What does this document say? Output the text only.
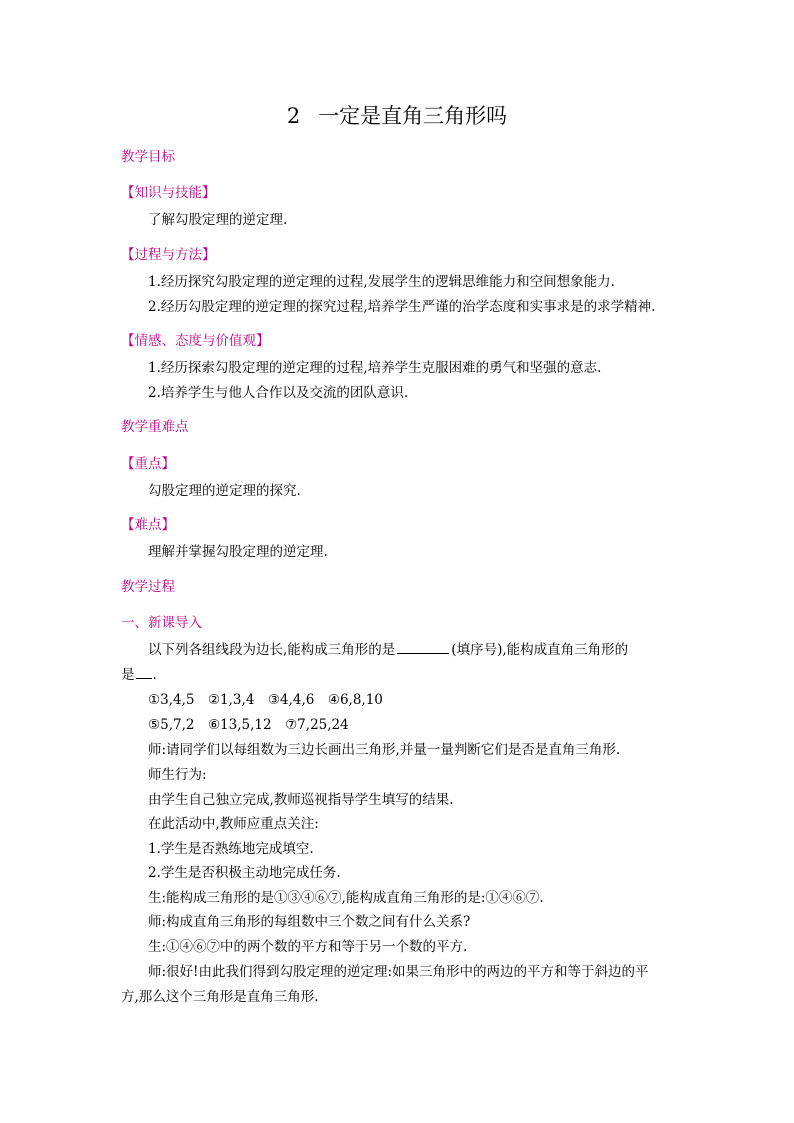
2 一定是直角三角形吗
教学目标
【知识与技能】
了解勾股定理的逆定理.
【过程与方法】
1.经历探究勾股定理的逆定理的过程,发展学生的逻辑思维能力和空间想象能力.
2.经历勾股定理的逆定理的探究过程,培养学生严谨的治学态度和实事求是的求学精神.
【情感、态度与价值观】
1.经历探索勾股定理的逆定理的过程,培养学生克服困难的勇气和坚强的意志.
2.培养学生与他人合作以及交流的团队意识.
教学重难点
【重点】
勾股定理的逆定理的探究.
【难点】
理解并掌握勾股定理的逆定理.
教学过程
一、新课导入
以下列各组线段为边长,能构成三角形的是	(填序号),能构成直角三角形的
是 .
①3,4,5　②1,3,4　③4,4,6　④6,8,10
⑤5,7,2　⑥13,5,12　⑦7,25,24
师:请同学们以每组数为三边长画出三角形,并量一量判断它们是否是直角三角形.
师生行为:
由学生自己独立完成,教师巡视指导学生填写的结果.
在此活动中,教师应重点关注:
1.学生是否熟练地完成填空.
2.学生是否积极主动地完成任务.
生:能构成三角形的是①③④⑥⑦,能构成直角三角形的是:①④⑥⑦.
师:构成直角三角形的每组数中三个数之间有什么关系?
生:①④⑥⑦中的两个数的平方和等于另一个数的平方.
师:很好!由此我们得到勾股定理的逆定理:如果三角形中的两边的平方和等于斜边的平
方,那么这个三角形是直角三角形.
